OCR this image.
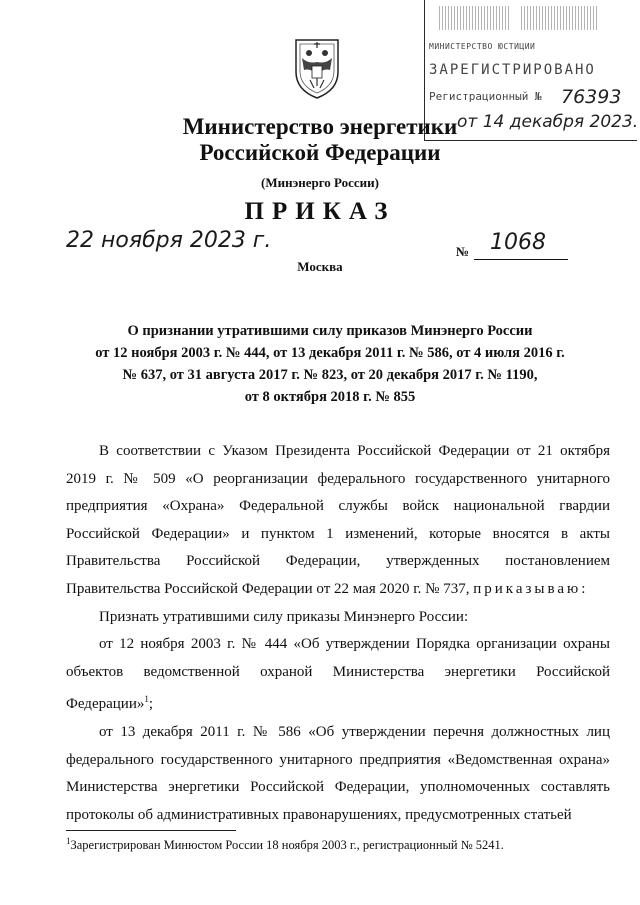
МИНИСТЕРСТВО ЮСТИЦИИ
ЗАРЕГИСТРИРОВАНО
Регистрационный № 76393
от 14 декабря 2023.
Министерство энергетики
Российской Федерации
(Минэнерго России)
ПРИКАЗ
22 ноября 2023 г.	№ 1068
Москва
О признании утратившими силу приказов Минэнерго России
от 12 ноября 2003 г. № 444, от 13 декабря 2011 г. № 586, от 4 июля 2016 г.
№ 637, от 31 августа 2017 г. № 823, от 20 декабря 2017 г. № 1190,
от 8 октября 2018 г. № 855

В соответствии с Указом Президента Российской Федерации от 21 октября 2019 г. № 509 «О реорганизации федерального государственного унитарного предприятия «Охрана» Федеральной службы войск национальной гвардии Российской Федерации» и пунктом 1 изменений, которые вносятся в акты Правительства Российской Федерации, утвержденных постановлением Правительства Российской Федерации от 22 мая 2020 г. № 737, приказываю:

Признать утратившими силу приказы Минэнерго России:

от 12 ноября 2003 г. № 444 «Об утверждении Порядка организации охраны объектов ведомственной охраной Министерства энергетики Российской Федерации»$^1$;

от 13 декабря 2011 г. № 586 «Об утверждении перечня должностных лиц федерального государственного унитарного предприятия «Ведомственная охрана» Министерства энергетики Российской Федерации, уполномоченных составлять протоколы об административных правонарушениях, предусмотренных статьей

$^1$Зарегистрирован Минюстом России 18 ноября 2003 г., регистрационный № 5241.
